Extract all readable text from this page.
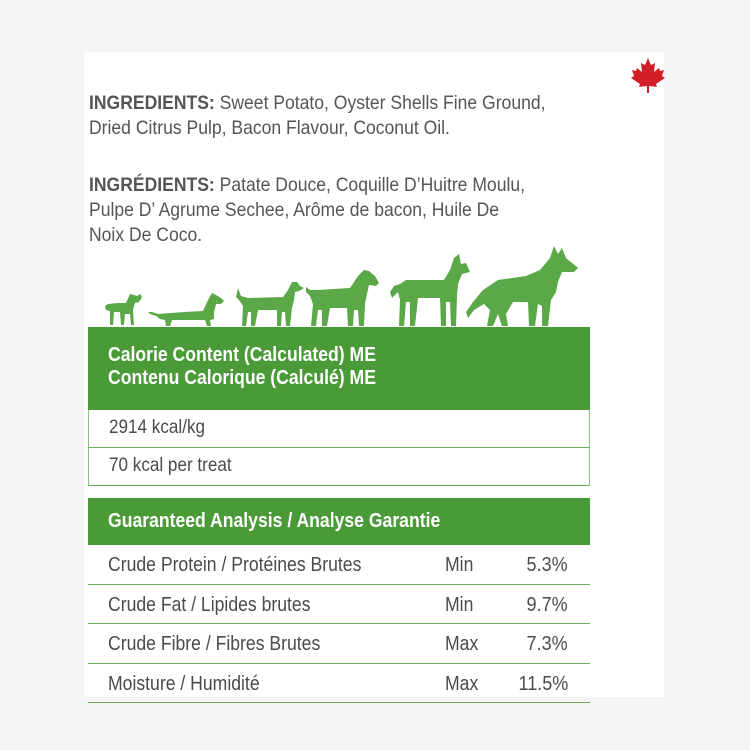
INGREDIENTS: Sweet Potato, Oyster Shells Fine Ground,
Dried Citrus Pulp, Bacon Flavour, Coconut Oil.
INGRÉDIENTS: Patate Douce, Coquille D’Huitre Moulu,
Pulpe D’ Agrume Sechee, Arôme de bacon, Huile De
Noix De Coco.
Calorie Content (Calculated) ME
Contenu Calorique (Calculé) ME
2914 kcal/kg
70 kcal per treat
Guaranteed Analysis / Analyse Garantie
Crude Protein / Protéines Brutes	Min	5.3%
Crude Fat / Lipides brutes	Min	9.7%
Crude Fibre / Fibres Brutes	Max 7.3%
Moisture / Humidité	Max 11.5%
